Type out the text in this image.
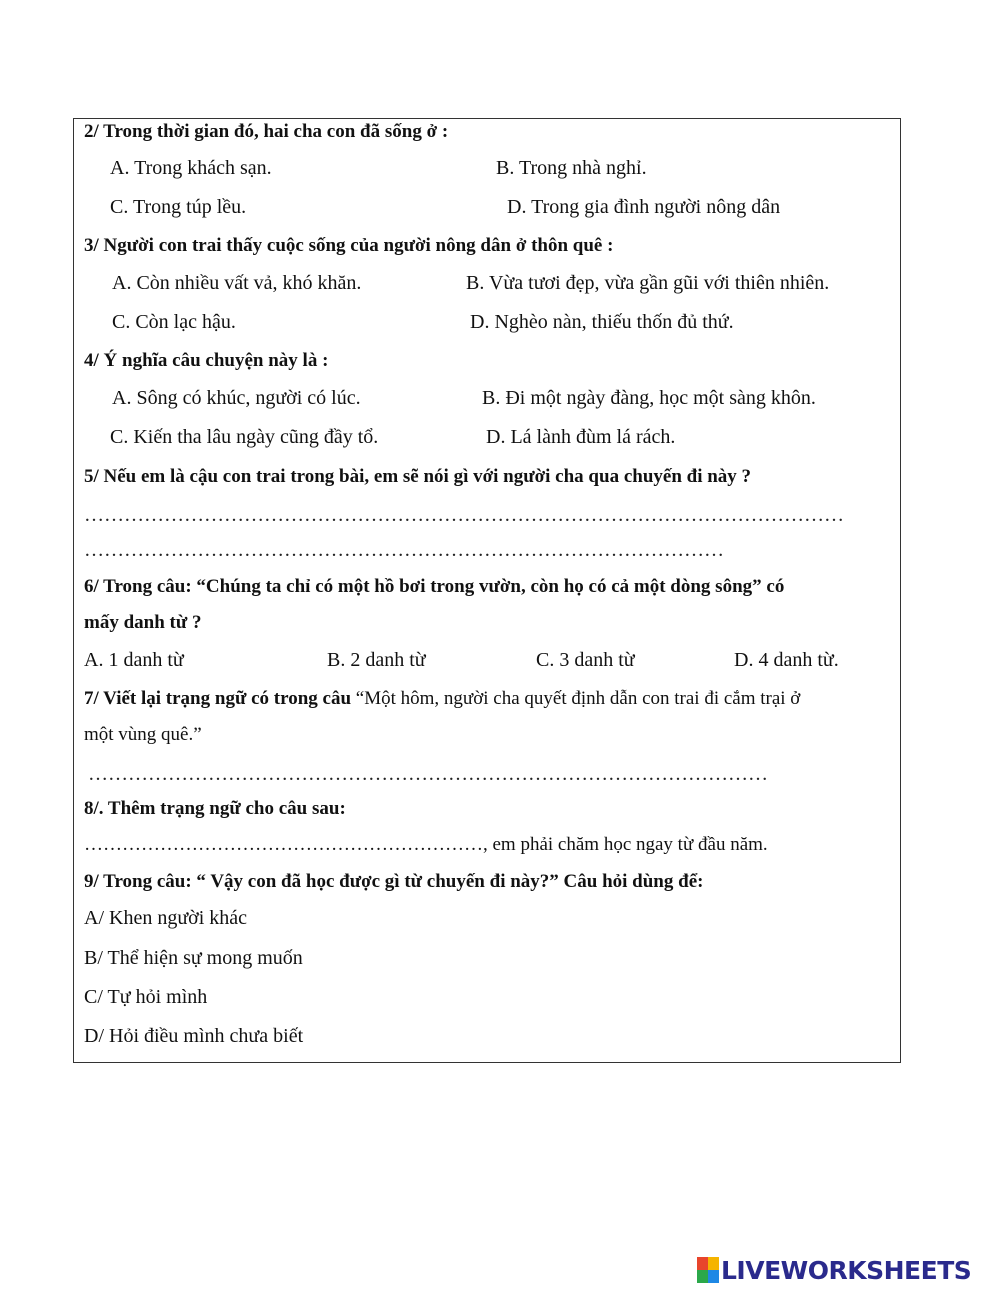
2/ Trong thời gian đó, hai cha con đã sống ở :
A. Trong khách sạn.	B. Trong nhà nghỉ.
C. Trong túp lều.	D. Trong gia đình người nông dân
3/ Người con trai thấy cuộc sống của người nông dân ở thôn quê :
A. Còn nhiều vất vả, khó khăn.	B. Vừa tươi đẹp, vừa gần gũi với thiên nhiên.
C. Còn lạc hậu.	D. Nghèo nàn, thiếu thốn đủ thứ.
4/ Ý nghĩa câu chuyện này là :
A. Sông có khúc, người có lúc.	B. Đi một ngày đàng, học một sàng khôn.
C. Kiến tha lâu ngày cũng đầy tổ.	D. Lá lành đùm lá rách.
5/ Nếu em là cậu con trai trong bài, em sẽ nói gì với người cha qua chuyến đi này ?
……………………………………………………………………………………………………
……………………………………………………………………………………
6/ Trong câu: “Chúng ta chỉ có một hồ bơi trong vườn, còn họ có cả một dòng sông” có
mấy danh từ ?
A. 1 danh từ	B. 2 danh từ	C. 3 danh từ	D. 4 danh từ.
7/ Viết lại trạng ngữ có trong câu “Một hôm, người cha quyết định dẫn con trai đi cắm trại ở
một vùng quê.”
…………………………………………………………………………………………
8/. Thêm trạng ngữ cho câu sau:
………………………………………………………, em phải chăm học ngay từ đầu năm.
9/ Trong câu: “ Vậy con đã học được gì từ chuyến đi này?” Câu hỏi dùng để:
A/ Khen người khác
B/ Thể hiện sự mong muốn
C/ Tự hỏi mình
D/ Hỏi điều mình chưa biết
LIVEWORKSHEETS
